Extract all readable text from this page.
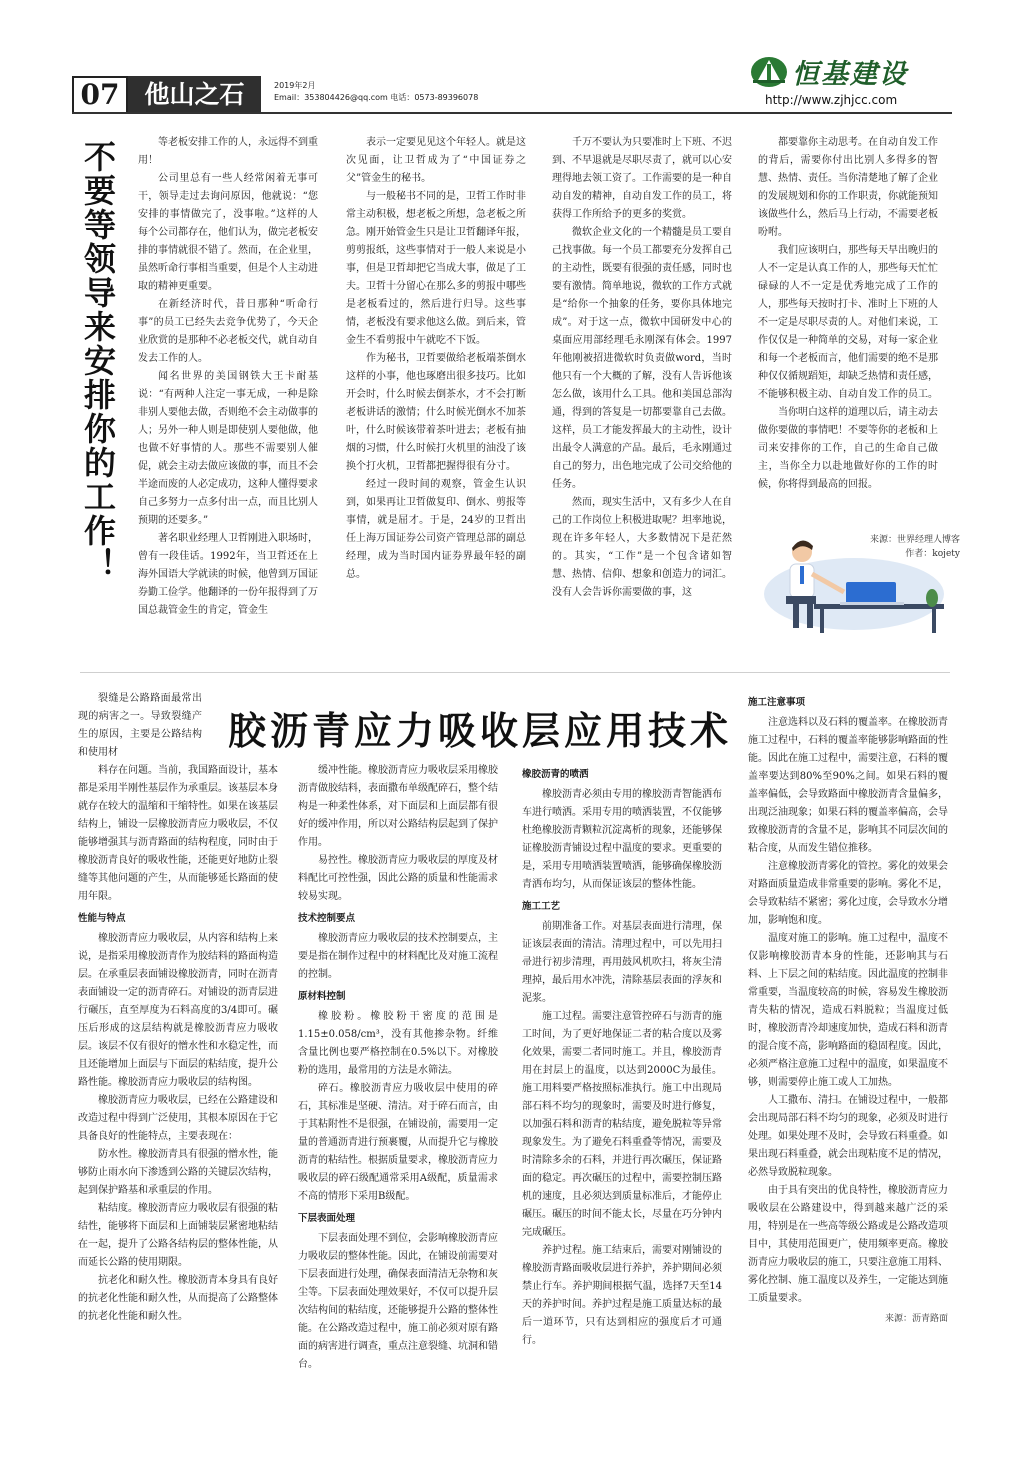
07	他山之石	2019年2月
Email：353804426@qq.com 电话：0573-89396078
恒基建设
http://www.zjhjcc.com
不要等领导来安排你的工作！	等老板安排工作的人，永远得不到重用！

公司里总有一些人经常闲着无事可干，领导走过去询问原因，他就说：“您安排的事情做完了，没事啦。”这样的人每个公司都存在，他们认为，做完老板安排的事情就很不错了。然而，在企业里，虽然听命行事相当重要，但是个人主动进取的精神更重要。

在新经济时代，昔日那种“听命行事”的员工已经失去竞争优势了，今天企业欣赏的是那种不必老板交代，就自动自发去工作的人。

闻名世界的美国钢铁大王卡耐基说：“有两种人注定一事无成，一种是除非别人要他去做，否则绝不会主动做事的人；另外一种人则是即使别人要他做，他也做不好事情的人。那些不需要别人催促，就会主动去做应该做的事，而且不会半途而废的人必定成功，这种人懂得要求自己多努力一点多付出一点，而且比别人预期的还要多。”

著名职业经理人卫哲刚进入职场时，曾有一段佳话。1992年，当卫哲还在上海外国语大学就读的时候，他曾到万国证券勤工俭学。他翻译的一份年报得到了万国总裁管金生的肯定，管金生

表示一定要见见这个年轻人。就是这次见面，让卫哲成为了“中国证券之父”管金生的秘书。

与一般秘书不同的是，卫哲工作时非常主动积极，想老板之所想，急老板之所急。刚开始管金生只是让卫哲翻译年报，剪剪报纸，这些事情对于一般人来说是小事，但是卫哲却把它当成大事，做足了工夫。卫哲十分留心在那么多的剪报中哪些是老板看过的，然后进行归导。这些事情，老板没有要求他这么做。到后来，管金生不看剪报中午就吃不下饭。

作为秘书，卫哲要做给老板端茶倒水这样的小事，他也琢磨出很多技巧。比如开会时，什么时候去倒茶水，才不会打断老板讲话的激情；什么时候光倒水不加茶叶，什么时候该带着茶叶进去；老板有抽烟的习惯，什么时候打火机里的油没了该换个打火机，卫哲都把握得很有分寸。

经过一段时间的观察，管金生认识到，如果再让卫哲做复印、倒水、剪报等事情，就是屈才。于是，24岁的卫哲出任上海万国证券公司资产管理总部的副总经理，成为当时国内证券界最年轻的副总。

千万不要认为只要准时上下班、不迟到、不早退就是尽职尽责了，就可以心安理得地去领工资了。工作需要的是一种自动自发的精神，自动自发工作的员工，将获得工作所给予的更多的奖赏。

微软企业文化的一个精髓是员工要自己找事做。每一个员工都要充分发挥自己的主动性，既要有很强的责任感，同时也要有激情。简单地说，微软的工作方式就是“给你一个抽象的任务，要你具体地完成”。对于这一点，微软中国研发中心的桌面应用部经理毛永刚深有体会。1997年他刚被招进微软时负责做word，当时他只有一个大概的了解，没有人告诉他该怎么做，该用什么工具。他和美国总部沟通，得到的答复是一切都要靠自己去做。这样，员工才能发挥最大的主动性，设计出最令人满意的产品。最后，毛永刚通过自己的努力，出色地完成了公司交给他的任务。

然而，现实生活中，又有多少人在自己的工作岗位上积极进取呢？坦率地说，现在许多年轻人，大多数情况下是茫然的。其实，“工作”是一个包含诸如智慧、热情、信仰、想象和创造力的词汇。没有人会告诉你需要做的事，这

都要靠你主动思考。在自动自发工作的背后，需要你付出比别人多得多的智慧、热情、责任。当你清楚地了解了企业的发展规划和你的工作职责，你就能预知该做些什么，然后马上行动，不需要老板吩咐。

我们应该明白，那些每天早出晚归的人不一定是认真工作的人，那些每天忙忙碌碌的人不一定是优秀地完成了工作的人，那些每天按时打卡、准时上下班的人不一定是尽职尽责的人。对他们来说，工作仅仅是一种简单的交易，对每一家企业和每一个老板而言，他们需要的绝不是那种仅仅循规蹈矩，却缺乏热情和责任感，不能够积极主动、自动自发工作的员工。

当你明白这样的道理以后，请主动去做你要做的事情吧！不要等你的老板和上司来安排你的工作，自己的生命自己做主，当你全力以赴地做好你的工作的时候，你将得到最高的回报。

来源：世界经理人博客
作者：kojety
胶沥青应力吸收层应用技术
裂缝是公路路面最常出现的病害之一。导致裂缝产生的原因，主要是公路结构和使用材

料存在问题。当前，我国路面设计，基本都是采用半刚性基层作为承重层。该基层本身就存在较大的温缩和干缩特性。如果在该基层结构上，铺设一层橡胶沥青应力吸收层，不仅能够增强其与沥青路面的结构程度，同时由于橡胶沥青良好的吸收性能，还能更好地防止裂缝等其他问题的产生，从而能够延长路面的使用年限。

性能与特点

橡胶沥青应力吸收层，从内容和结构上来说，是指采用橡胶沥青作为胶结料的路面构造层。在承重层表面铺设橡胶沥青，同时在沥青表面铺设一定的沥青碎石。对铺设的沥青层进行碾压，直至厚度为石料高度的3/4即可。碾压后形成的这层结构就是橡胶沥青应力吸收层。该层不仅有很好的憎水性和水稳定性，而且还能增加上面层与下面层的粘结度，提升公路性能。橡胶沥青应力吸收层的结构图。

橡胶沥青应力吸收层，已经在公路建设和改造过程中得到广泛使用，其根本原因在于它具备良好的性能特点，主要表现在：

防水性。橡胶沥青具有很强的憎水性，能够防止雨水向下渗透到公路的关键层次结构，起到保护路基和承重层的作用。

粘结度。橡胶沥青应力吸收层有很强的粘结性，能够将下面层和上面铺装层紧密地粘结在一起，提升了公路各结构层的整体性能，从而延长公路的使用期限。

抗老化和耐久性。橡胶沥青本身具有良好的抗老化性能和耐久性，从而提高了公路整体的抗老化性能和耐久性。

缓冲性能。橡胶沥青应力吸收层采用橡胶沥青做胶结料，表面撒布单级配碎石，整个结构是一种柔性体系，对下面层和上面层都有很好的缓冲作用，所以对公路结构层起到了保护作用。

易控性。橡胶沥青应力吸收层的厚度及材料配比可控性强，因此公路的质量和性能需求较易实现。

技术控制要点

橡胶沥青应力吸收层的技术控制要点，主要是指在制作过程中的材料配比及对施工流程的控制。

原材料控制

橡胶粉。橡胶粉干密度的范围是1.15±0.058/cm³，没有其他掺杂物。纤维含量比例也要严格控制在0.5%以下。对橡胶粉的选用，最常用的方法是水筛法。

碎石。橡胶沥青应力吸收层中使用的碎石，其标准是坚硬、清洁。对于碎石而言，由于其粘附性不是很强，在铺设前，需要用一定量的普通沥青进行预裹覆，从而提升它与橡胶沥青的粘结性。根据质量要求，橡胶沥青应力吸收层的碎石级配通常采用A级配，质量需求不高的情形下采用B级配。

下层表面处理

下层表面处理不到位，会影响橡胶沥青应力吸收层的整体性能。因此，在铺设前需要对下层表面进行处理，确保表面清洁无杂物和灰尘等。下层表面处理效果好，不仅可以提升层次结构间的粘结度，还能够提升公路的整体性能。在公路改造过程中，施工前必须对原有路面的病害进行调查，重点注意裂缝、坑洞和错台。

橡胶沥青的喷洒

橡胶沥青必须由专用的橡胶沥青智能洒布车进行喷洒。采用专用的喷洒装置，不仅能够杜绝橡胶沥青颗粒沉淀离析的现象，还能够保证橡胶沥青铺设过程中温度的要求。更重要的是，采用专用喷洒装置喷洒，能够确保橡胶沥青洒布均匀，从而保证该层的整体性能。

施工工艺

前期准备工作。对基层表面进行清理，保证该层表面的清洁。清理过程中，可以先用扫帚进行初步清理，再用鼓风机吹扫，将灰尘清理掉，最后用水冲洗，清除基层表面的浮灰和泥浆。

施工过程。需要注意管控碎石与沥青的施工时间，为了更好地保证二者的粘合度以及雾化效果，需要二者同时施工。并且，橡胶沥青用在封层上的温度，以达到2000C为最佳。施工用料要严格按照标准执行。施工中出现局部石料不均匀的现象时，需要及时进行修复，以加强石料和沥青的粘结度，避免脱粒等异常现象发生。为了避免石料重叠等情况，需要及时清除多余的石料，并进行再次碾压，保证路面的稳定。再次碾压的过程中，需要控制压路机的速度，且必须达到质量标准后，才能停止碾压。碾压的时间不能太长，尽量在巧分钟内完成碾压。

养护过程。施工结束后，需要对刚铺设的橡胶沥青路面吸收层进行养护，养护期间必须禁止行车。养护期间根据气温，选择7天至14天的养护时间。养护过程是施工质量达标的最后一道环节，只有达到相应的强度后才可通行。

施工注意事项

注意选料以及石料的覆盖率。在橡胶沥青施工过程中，石料的覆盖率能够影响路面的性能。因此在施工过程中，需要注意，石料的覆盖率要达到80%至90%之间。如果石料的覆盖率偏低，会导致路面中橡胶沥青含量偏多，出现泛油现象；如果石料的覆盖率偏高，会导致橡胶沥青的含量不足，影响其不同层次间的粘合度，从而发生错位推移。

注意橡胶沥青雾化的管控。雾化的效果会对路面质量造成非常重要的影响。雾化不足，会导致粘结不紧密；雾化过度，会导致水分增加，影响饱和度。

温度对施工的影响。施工过程中，温度不仅影响橡胶沥青本身的性能，还影响其与石料、上下层之间的粘结度。因此温度的控制非常重要，当温度较高的时候，容易发生橡胶沥青失粘的情况，造成石料脱粒；当温度过低时，橡胶沥青冷却速度加快，造成石料和沥青的混合度不高，影响路面的稳固程度。因此，必须严格注意施工过程中的温度，如果温度不够，则需要停止施工或人工加热。

人工撒布、清扫。在铺设过程中，一般都会出现局部石料不均匀的现象，必须及时进行处理。如果处理不及时，会导致石料重叠。如果出现石料重叠，就会出现粘度不足的情况，必然导致脱粒现象。

由于具有突出的优良特性，橡胶沥青应力吸收层在公路建设中，得到越来越广泛的采用，特别是在一些高等级公路或是公路改造项目中，其使用范围更广，使用频率更高。橡胶沥青应力吸收层的施工，只要注意施工用料、雾化控制、施工温度以及养生，一定能达到施工质量要求。

来源：沥青路面
